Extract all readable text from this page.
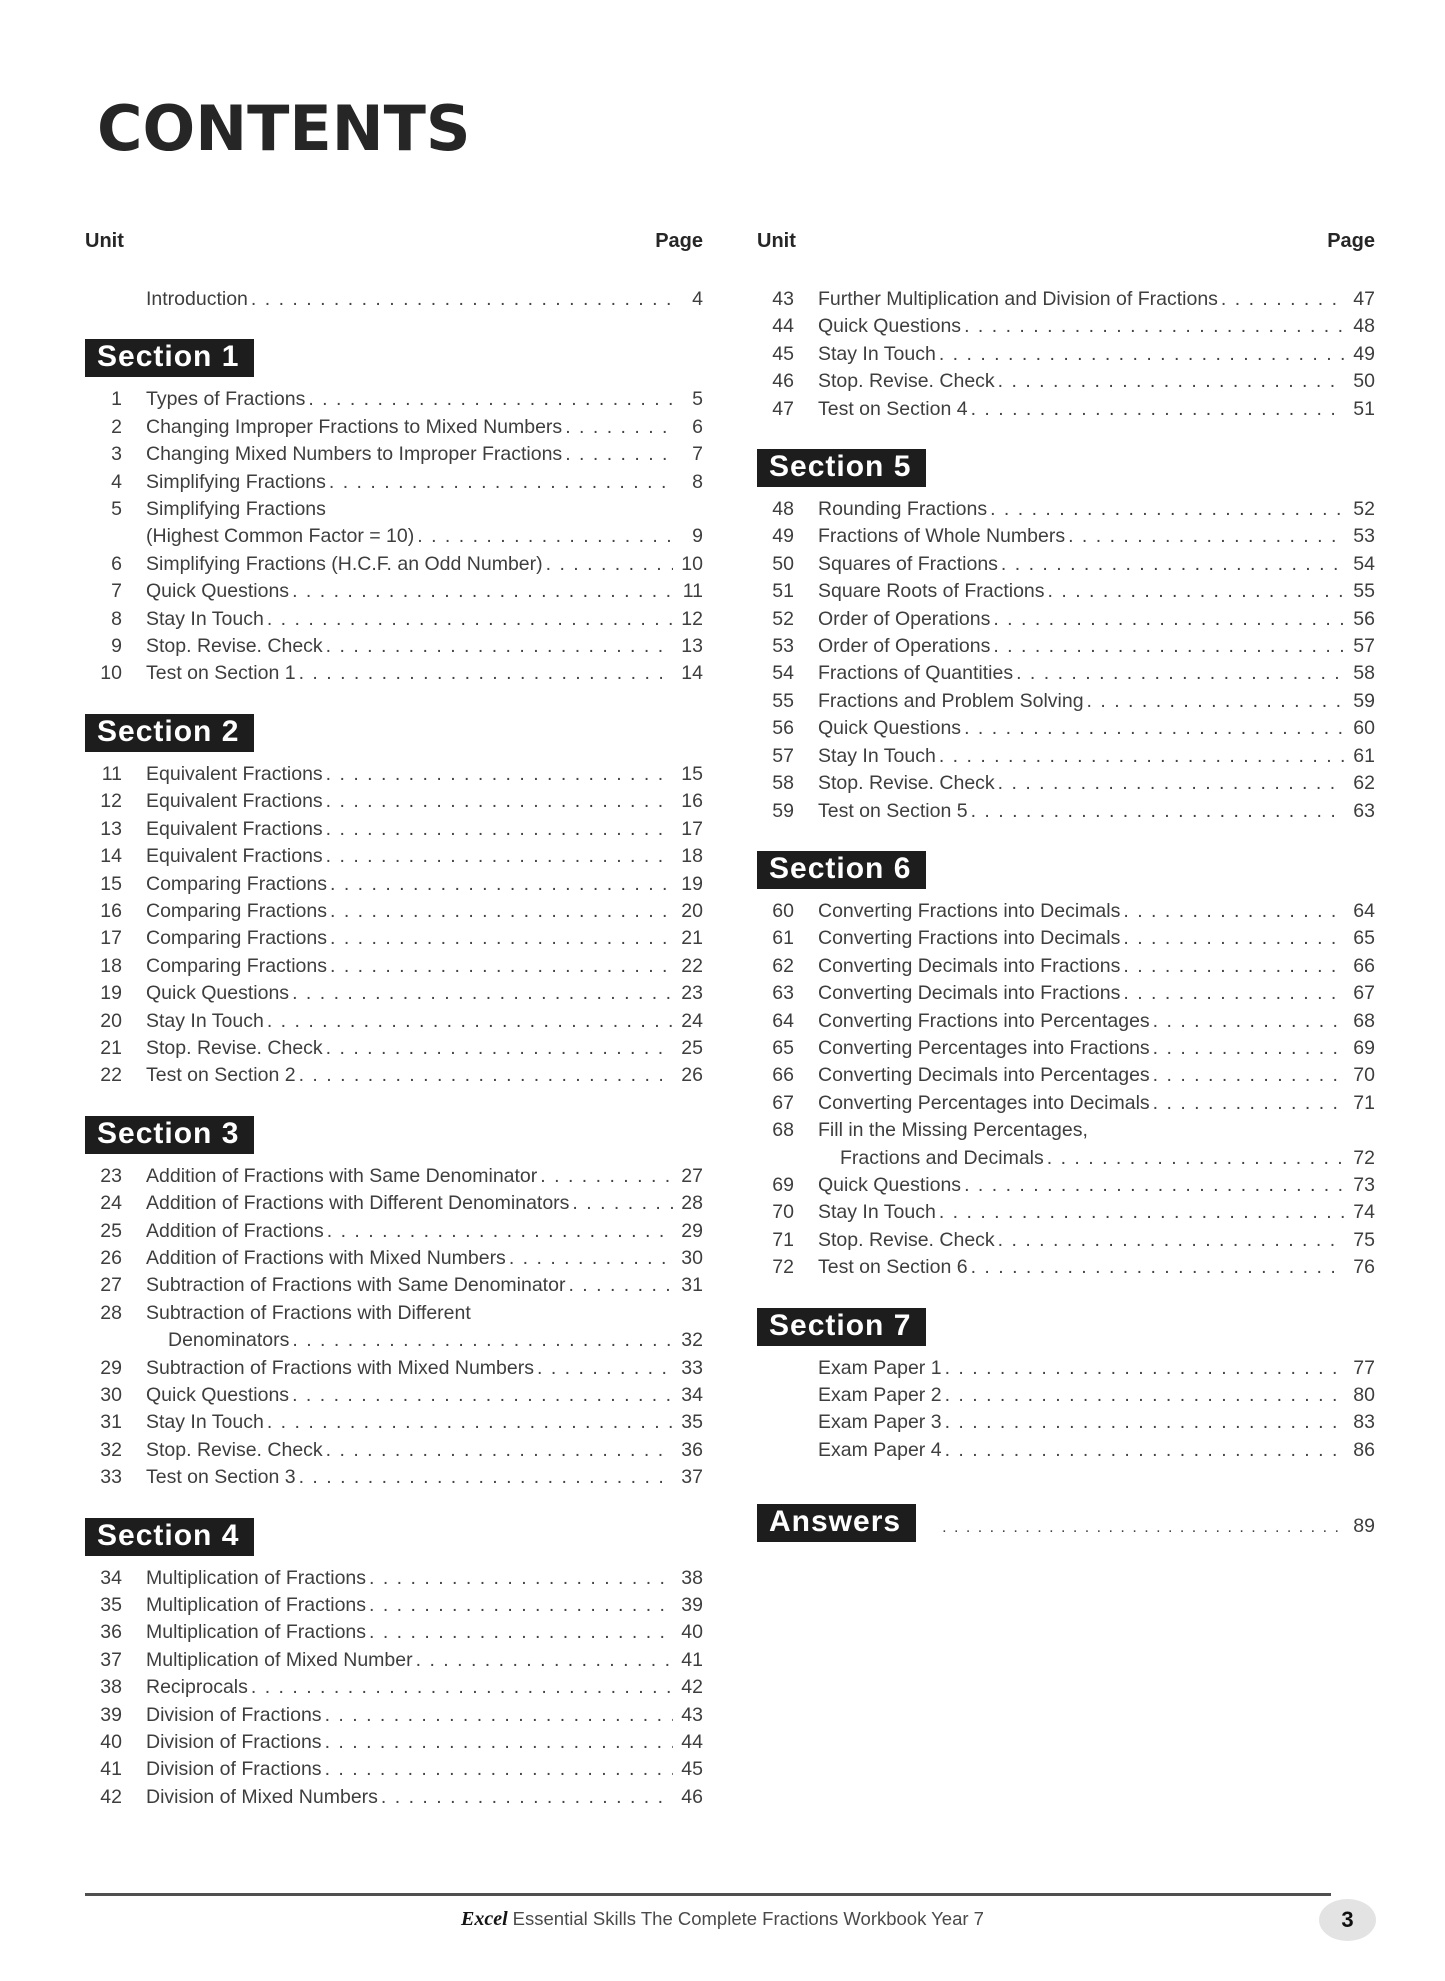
CONTENTS
Unit	Page
Introduction . . .	4
Section 1
1 Types of Fractions . . .	5
2 Changing Improper Fractions to Mixed Numbers . . .	6
3 Changing Mixed Numbers to Improper Fractions . . .	7
4 Simplifying Fractions . . .	8
5 Simplifying Fractions
(Highest Common Factor = 10) . . .	9
6 Simplifying Fractions (H.C.F. an Odd Number) . . .	10
7 Quick Questions . . .	11
8 Stay In Touch . . .	12
9 Stop. Revise. Check . . .	13
10 Test on Section 1 . . .	14
Section 2
11 Equivalent Fractions . . .	15
12 Equivalent Fractions . . .	16
13 Equivalent Fractions . . .	17
14 Equivalent Fractions . . .	18
15 Comparing Fractions . . .	19
16 Comparing Fractions . . .	20
17 Comparing Fractions . . .	21
18 Comparing Fractions . . .	22
19 Quick Questions . . .	23
20 Stay In Touch . . .	24
21 Stop. Revise. Check . . .	25
22 Test on Section 2 . . .	26
Section 3
23 Addition of Fractions with Same Denominator . . .	27
24 Addition of Fractions with Different Denominators . . .	28
25 Addition of Fractions . . .	29
26 Addition of Fractions with Mixed Numbers . . .	30
27 Subtraction of Fractions with Same Denominator . . .	31
28 Subtraction of Fractions with Different
Denominators . . .	32
29 Subtraction of Fractions with Mixed Numbers . . .	33
30 Quick Questions . . .	34
31 Stay In Touch . . .	35
32 Stop. Revise. Check . . .	36
33 Test on Section 3 . . .	37
Section 4
34 Multiplication of Fractions . . .	38
35 Multiplication of Fractions . . .	39
36 Multiplication of Fractions . . .	40
37 Multiplication of Mixed Number . . .	41
38 Reciprocals . . .	42
39 Division of Fractions . . .	43
40 Division of Fractions . . .	44
41 Division of Fractions . . .	45
42 Division of Mixed Numbers . . .	46
Unit	Page
43 Further Multiplication and Division of Fractions . . .	47
44 Quick Questions . . .	48
45 Stay In Touch . . .	49
46 Stop. Revise. Check . . .	50
47 Test on Section 4 . . .	51
Section 5
48 Rounding Fractions . . .	52
49 Fractions of Whole Numbers . . .	53
50 Squares of Fractions . . .	54
51 Square Roots of Fractions . . .	55
52 Order of Operations . . .	56
53 Order of Operations . . .	57
54 Fractions of Quantities . . .	58
55 Fractions and Problem Solving . . .	59
56 Quick Questions . . .	60
57 Stay In Touch . . .	61
58 Stop. Revise. Check . . .	62
59 Test on Section 5 . . .	63
Section 6
60 Converting Fractions into Decimals . . .	64
61 Converting Fractions into Decimals . . .	65
62 Converting Decimals into Fractions . . .	66
63 Converting Decimals into Fractions . . .	67
64 Converting Fractions into Percentages . . .	68
65 Converting Percentages into Fractions . . .	69
66 Converting Decimals into Percentages . . .	70
67 Converting Percentages into Decimals . . .	71
68 Fill in the Missing Percentages,
Fractions and Decimals . . .	72
69 Quick Questions . . .	73
70 Stay In Touch . . .	74
71 Stop. Revise. Check . . .	75
72 Test on Section 6 . . .	76
Section 7
Exam Paper 1 . . .	77
Exam Paper 2 . . .	80
Exam Paper 3 . . .	83
Exam Paper 4 . . .	86
Answers . . .	89
Excel Essential Skills The Complete Fractions Workbook Year 7	3
